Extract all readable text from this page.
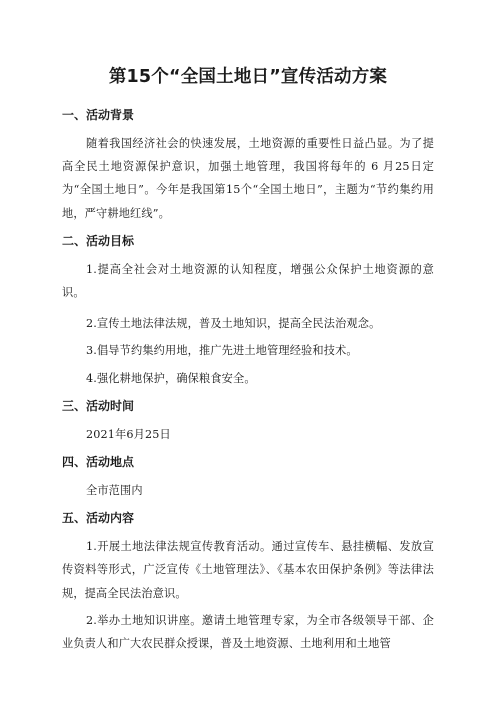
第15个“全国土地日”宣传活动方案
一、活动背景

随着我国经济社会的快速发展，土地资源的重要性日益凸显。为了提高全民土地资源保护意识，加强土地管理，我国将每年的 6 月25日定为“全国土地日”。今年是我国第15个“全国土地日”，主题为“节约集约用地，严守耕地红线”。

二、活动目标

1.提高全社会对土地资源的认知程度，增强公众保护土地资源的意识。

2.宣传土地法律法规，普及土地知识，提高全民法治观念。

3.倡导节约集约用地，推广先进土地管理经验和技术。

4.强化耕地保护，确保粮食安全。

三、活动时间

2021年6月25日

四、活动地点

全市范围内

五、活动内容

1.开展土地法律法规宣传教育活动。通过宣传车、悬挂横幅、发放宣传资料等形式，广泛宣传《土地管理法》、《基本农田保护条例》等法律法规，提高全民法治意识。

2.举办土地知识讲座。邀请土地管理专家，为全市各级领导干部、企业负责人和广大农民群众授课，普及土地资源、土地利用和土地管
